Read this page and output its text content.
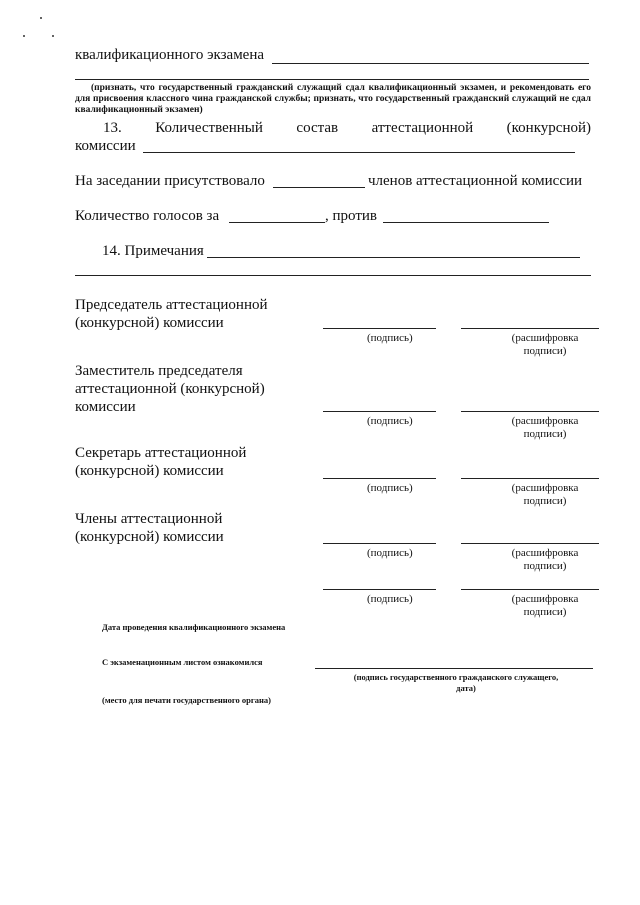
квалификационного экзамена
(признать, что государственный гражданский служащий сдал квалификационный экзамен, и рекомендовать его для присвоения классного чина гражданской службы; признать, что государственный гражданский служащий не сдал квалификационный экзамен)
13. Количественный состав аттестационной (конкурсной)
комиссии
На заседании присутствовало	членов аттестационной комиссии
Количество голосов за	, против
14. Примечания
Председатель аттестационной
(конкурсной) комиссии
(подпись)	(расшифровка
подписи)
Заместитель председателя
аттестационной (конкурсной)
комиссии
(подпись)	(расшифровка
подписи)
Секретарь аттестационной
(конкурсной) комиссии
(подпись)	(расшифровка
подписи)
Члены аттестационной
(конкурсной) комиссии
(подпись)	(расшифровка
подписи)
(подпись)	(расшифровка
подписи)
Дата проведения квалификационного экзамена
С экзаменационным листом ознакомился
(подпись государственного гражданского служащего,
дата)
(место для печати государственного органа)
